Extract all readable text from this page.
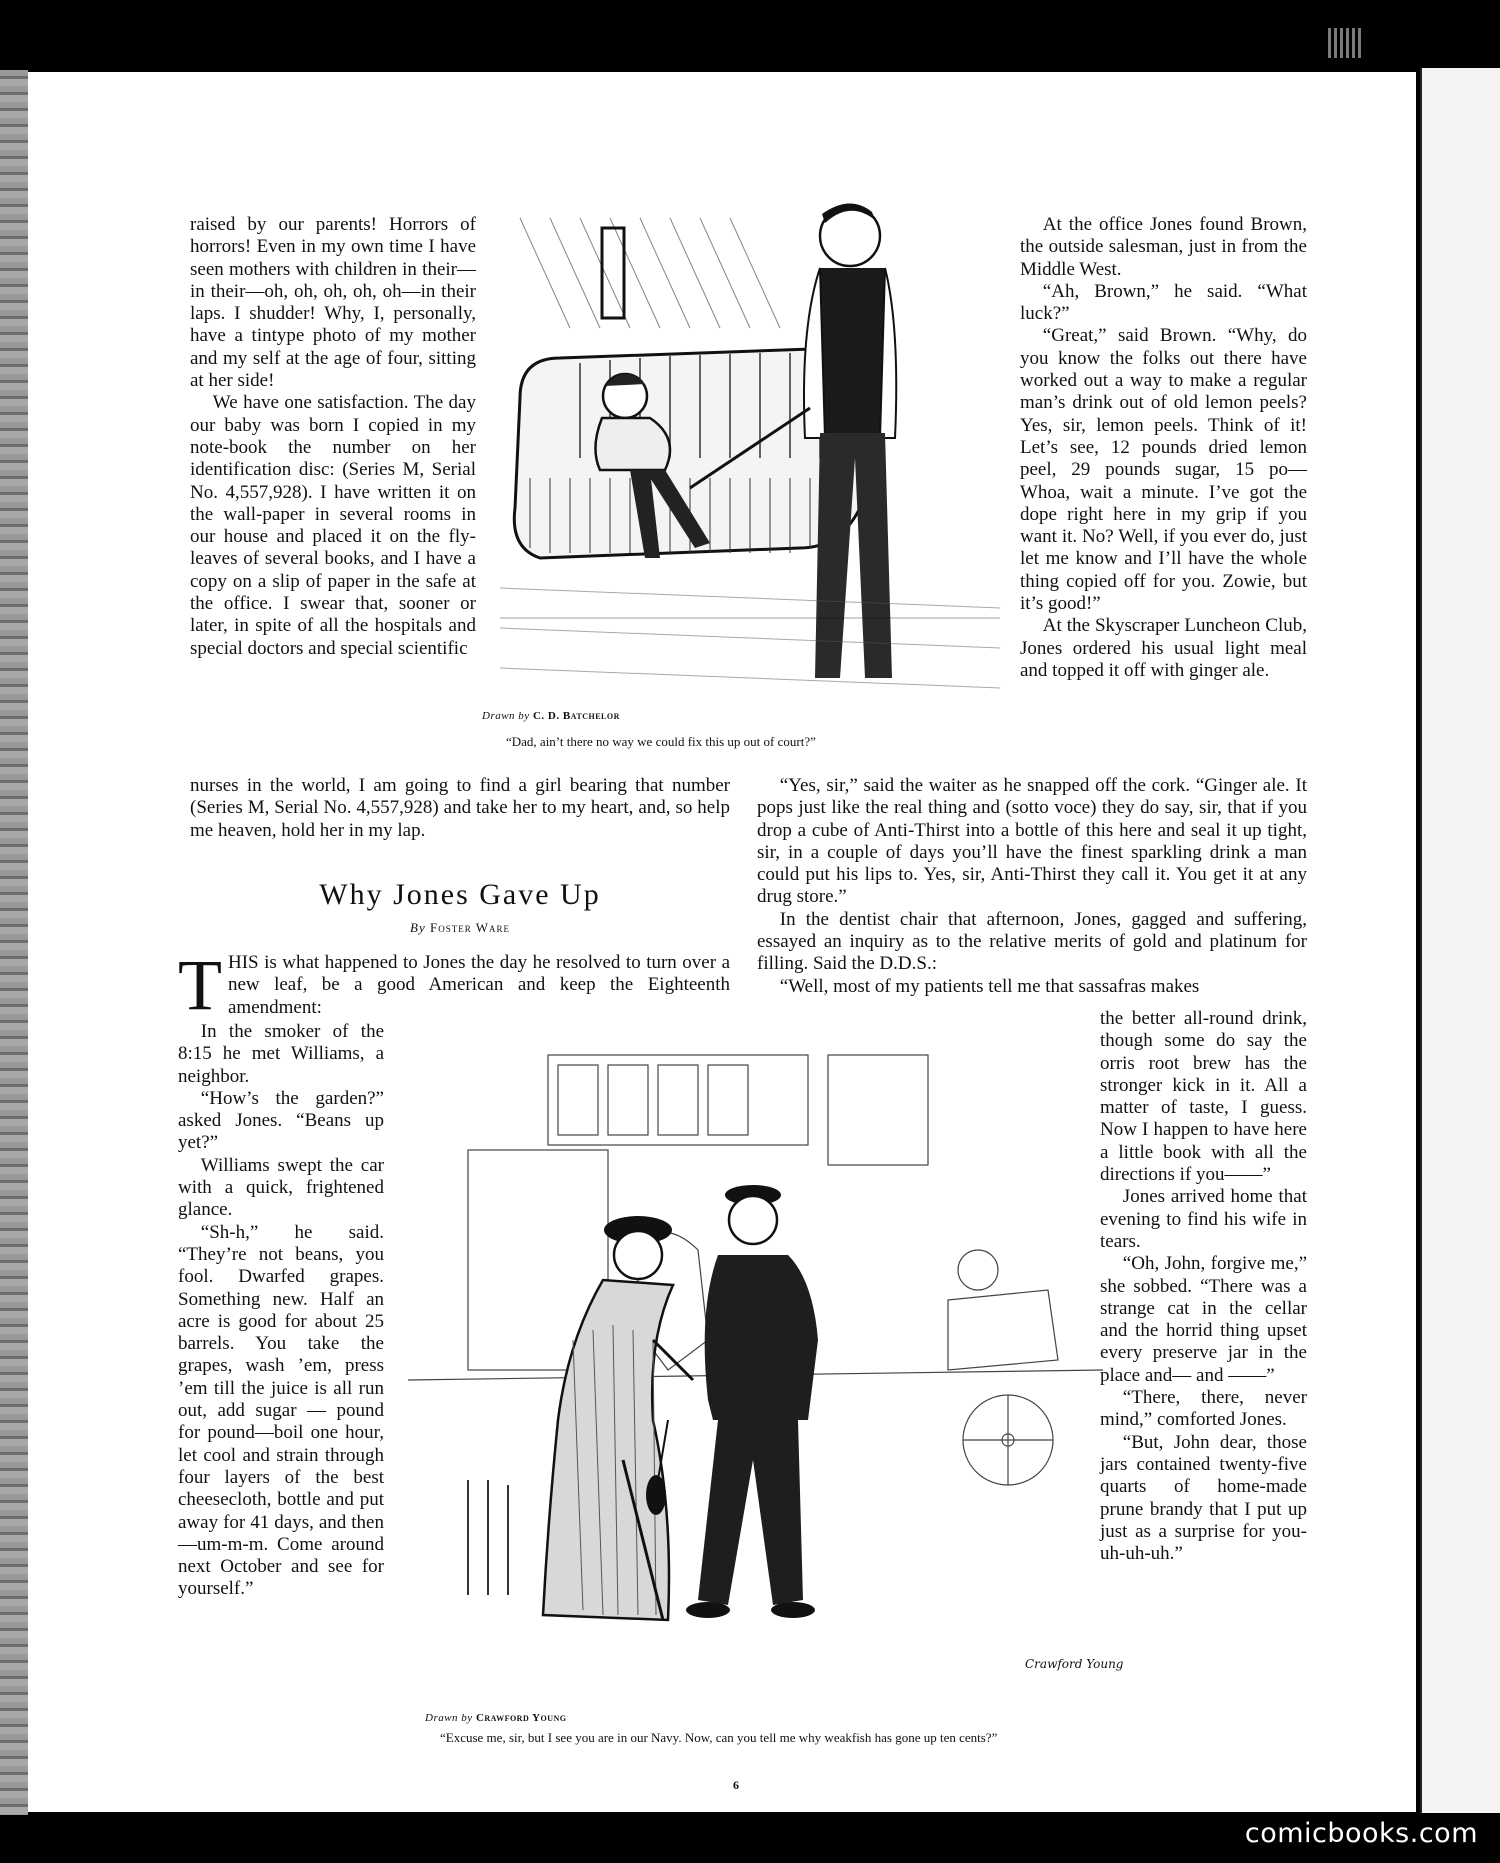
raised by our parents! Horrors of horrors! Even in my own time I have seen mothers with children in their—in their—oh, oh, oh, oh, oh—in their laps. I shudder! Why, I, personally, have a tintype photo of my mother and my self at the age of four, sitting at her side!

We have one satisfaction. The day our baby was born I copied in my note-book the number on her identification disc: (Series M, Serial No. 4,557,928). I have written it on the wall-paper in several rooms in our house and placed it on the fly-leaves of several books, and I have a copy on a slip of paper in the safe at the office. I swear that, sooner or later, in spite of all the hospitals and special doctors and special scientific

Drawn by C. D. Batchelor
“Dad, ain’t there no way we could fix this up out of court?”

At the office Jones found Brown, the outside salesman, just in from the Middle West.

“Ah, Brown,” he said. “What luck?”

“Great,” said Brown. “Why, do you know the folks out there have worked out a way to make a regular man’s drink out of old lemon peels? Yes, sir, lemon peels. Think of it! Let’s see, 12 pounds dried lemon peel, 29 pounds sugar, 15 po— Whoa, wait a minute. I’ve got the dope right here in my grip if you want it. No? Well, if you ever do, just let me know and I’ll have the whole thing copied off for you. Zowie, but it’s good!”

At the Skyscraper Luncheon Club, Jones ordered his usual light meal and topped it off with ginger ale.

nurses in the world, I am going to find a girl bearing that number (Series M, Serial No. 4,557,928) and take her to my heart, and, so help me heaven, hold her in my lap.

“Yes, sir,” said the waiter as he snapped off the cork. “Ginger ale. It pops just like the real thing and (sotto voce) they do say, sir, that if you drop a cube of Anti-Thirst into a bottle of this here and seal it up tight, sir, in a couple of days you’ll have the finest sparkling drink a man could put his lips to. Yes, sir, Anti-Thirst they call it. You get it at any drug store.”

In the dentist chair that afternoon, Jones, gagged and suffering, essayed an inquiry as to the relative merits of gold and platinum for filling. Said the D.D.S.:

“Well, most of my patients tell me that sassafras makes

Why Jones Gave Up
By Foster Ware
THIS is what happened to Jones the day he resolved to turn over a new leaf, be a good American and keep the Eighteenth amendment:

In the smoker of the 8:15 he met Williams, a neighbor.

“How’s the garden?” asked Jones. “Beans up yet?”

Williams swept the car with a quick, frightened glance.

“Sh-h,” he said. “They’re not beans, you fool. Dwarfed grapes. Something new. Half an acre is good for about 25 barrels. You take the grapes, wash ’em, press ’em till the juice is all run out, add sugar — pound for pound—boil one hour, let cool and strain through four layers of the best cheesecloth, bottle and put away for 41 days, and then—um-m-m. Come around next October and see for yourself.”

Crawford Young
Drawn by Crawford Young
“Excuse me, sir, but I see you are in our Navy. Now, can you tell me why weakfish has gone up ten cents?”

the better all-round drink, though some do say the orris root brew has the stronger kick in it. All a matter of taste, I guess. Now I happen to have here a little book with all the directions if you——”

Jones arrived home that evening to find his wife in tears.

“Oh, John, forgive me,” she sobbed. “There was a strange cat in the cellar and the horrid thing upset every preserve jar in the place and— and ——”

“There, there, never mind,” comforted Jones.

“But, John dear, those jars contained twenty-five quarts of home-made prune brandy that I put up just as a surprise for you-uh-uh-uh.”

6
comicbooks.com
